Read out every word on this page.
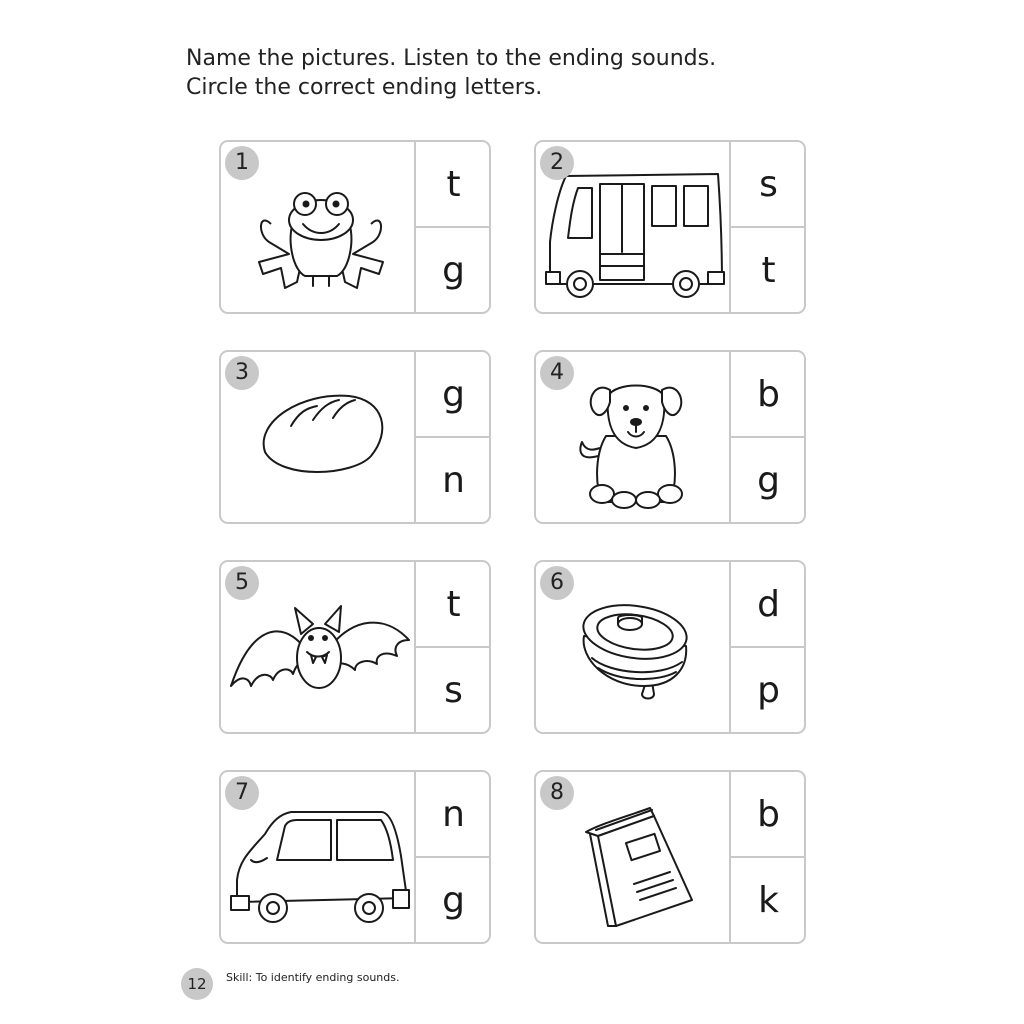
Name the pictures. Listen to the ending sounds.
Circle the correct ending letters.
1
t
g
2
s
t
3
g
n
4
b
g
5
t
s
6
d
p
7
n
g
8
b
k
12	Skill: To identify ending sounds.
